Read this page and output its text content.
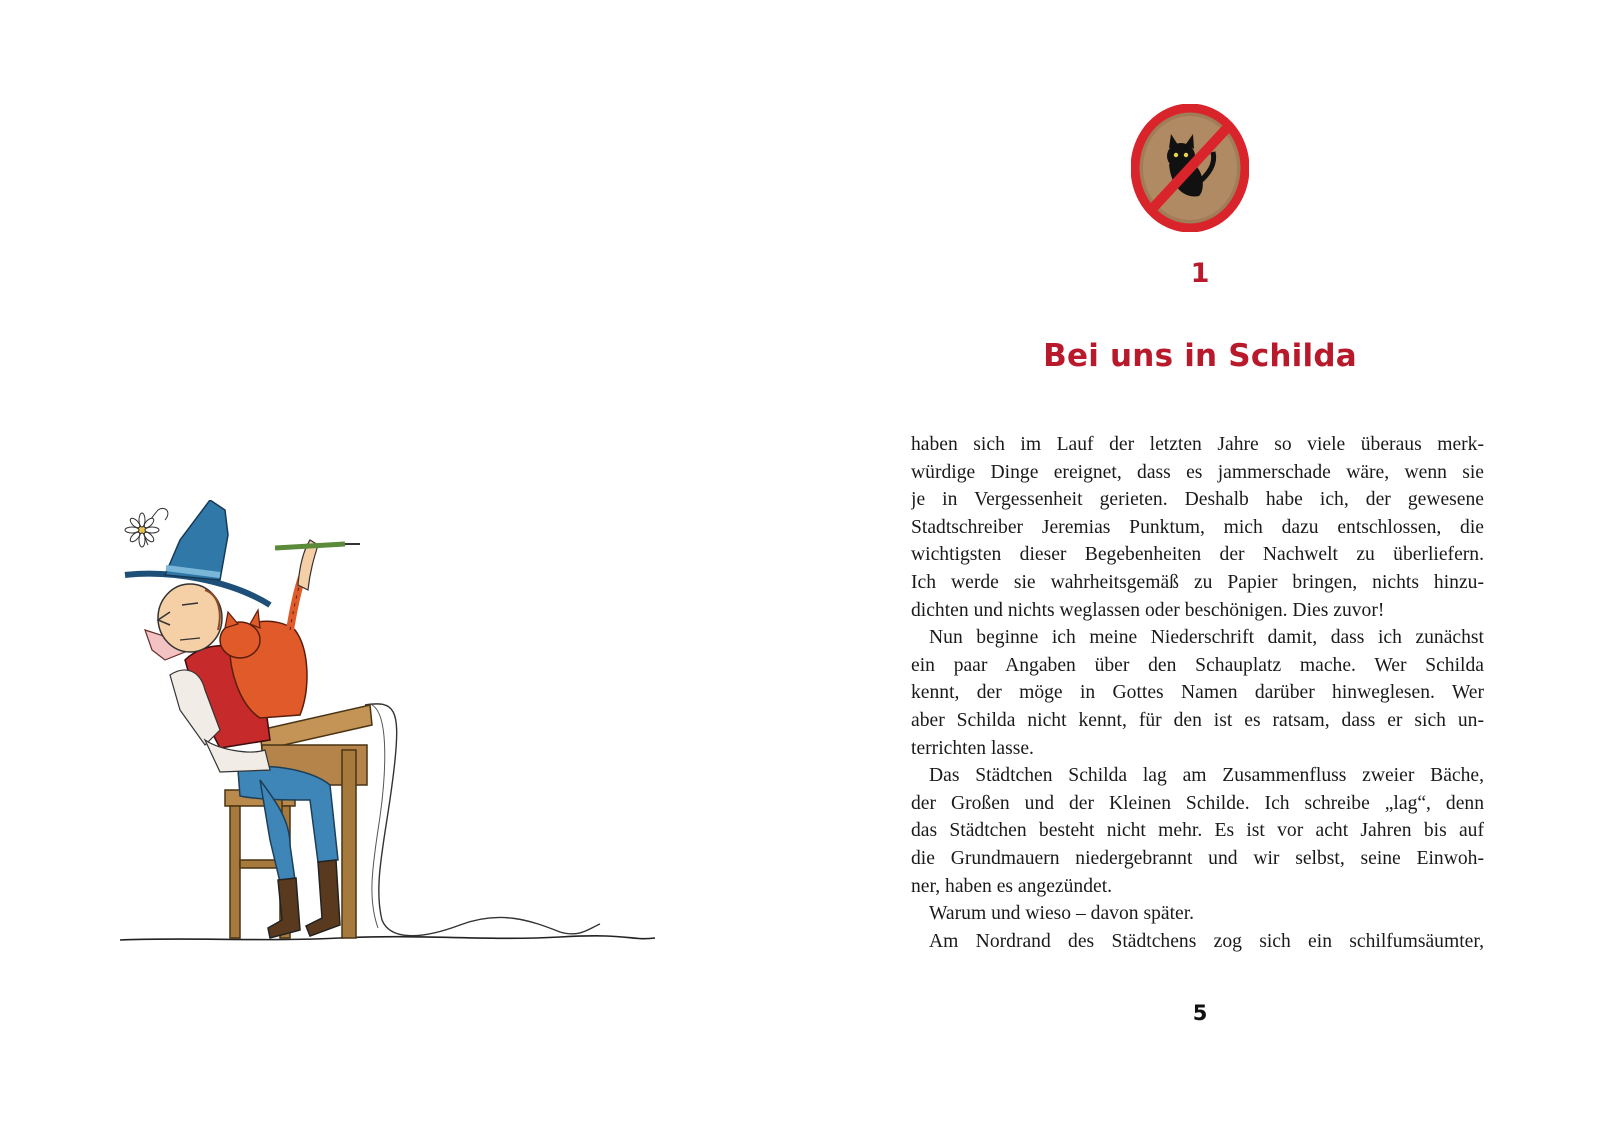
1
Bei uns in Schilda
haben sich im Lauf der letzten Jahre so viele überaus merk-
würdige Dinge ereignet, dass es jammerschade wäre, wenn sie
je in Vergessenheit gerieten. Deshalb habe ich, der gewesene
Stadtschreiber Jeremias Punktum, mich dazu entschlossen, die
wichtigsten dieser Begebenheiten der Nachwelt zu überliefern.
Ich werde sie wahrheitsgemäß zu Papier bringen, nichts hinzu-
dichten und nichts weglassen oder beschönigen. Dies zuvor!
Nun beginne ich meine Niederschrift damit, dass ich zunächst
ein paar Angaben über den Schauplatz mache. Wer Schilda
kennt, der möge in Gottes Namen darüber hinweglesen. Wer
aber Schilda nicht kennt, für den ist es ratsam, dass er sich un-
terrichten lasse.
Das Städtchen Schilda lag am Zusammenfluss zweier Bäche,
der Großen und der Kleinen Schilde. Ich schreibe „lag“, denn
das Städtchen besteht nicht mehr. Es ist vor acht Jahren bis auf
die Grundmauern niedergebrannt und wir selbst, seine Einwoh-
ner, haben es angezündet.
Warum und wieso – davon später.
Am Nordrand des Städtchens zog sich ein schilfumsäumter,
5
